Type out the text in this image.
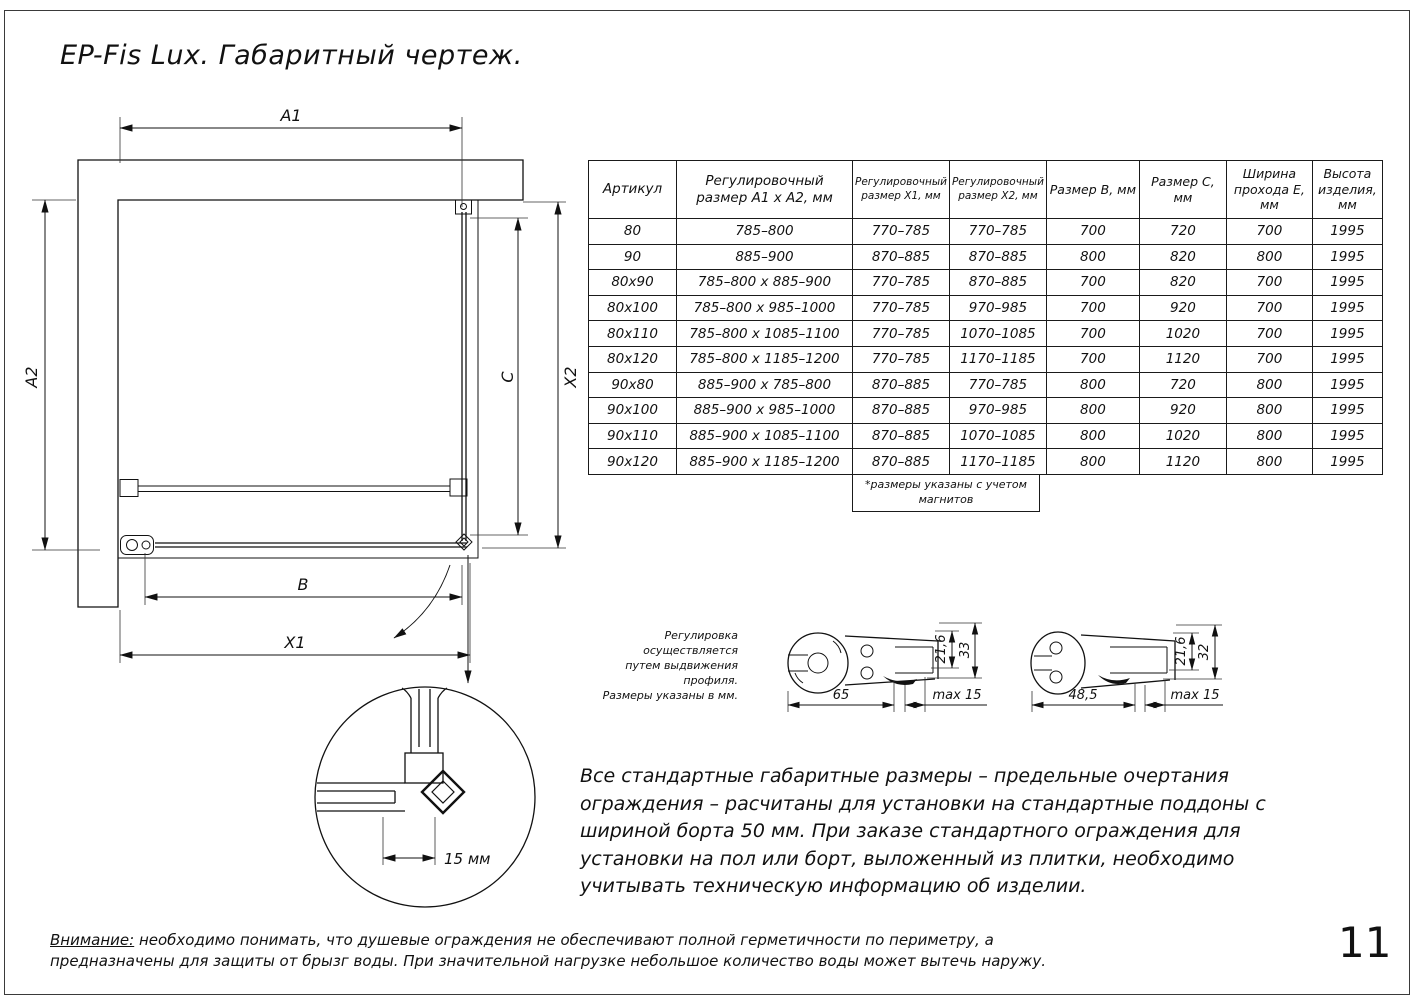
EP-Fis Lux. Габаритный чертеж.
A1
A2	X2
C
B
X1
15 мм
Артикул	Регулировочный размер А1 х А2, мм	Регулировочный размер Х1, мм	Регулировочный размер Х2, мм	Размер В, мм	Размер С, мм	Ширина прохода Е, мм	Высота изделия, мм
80	785–800	770–785	770–785	700	720	700	1995
90	885–900	870–885	870–885	800	820	800	1995
80x90	785–800 x 885–900	770–785	870–885	700	820	700	1995
80x100	785–800 x 985–1000	770–785	970–985	700	920	700	1995
80x110	785–800 x 1085–1100	770–785	1070–1085	700	1020	700	1995
80x120	785–800 x 1185–1200	770–785	1170–1185	700	1120	700	1995
90x80	885–900 x 785–800	870–885	770–785	800	720	800	1995
90x100	885–900 x 985–1000	870–885	970–985	800	920	800	1995
90x110	885–900 x 1085–1100	870–885	1070–1085	800	1020	800	1995
90x120	885–900 x 1185–1200	870–885	1170–1185	800	1120	800	1995
*размеры указаны с учетом магнитов
Регулировка осуществляется
путем выдвижения профиля.
Размеры указаны в мм.	65	max 15
21,6 33
48,5	max 15
21,6 32
Все стандартные габаритные размеры – предельные очертания ограждения – расчитаны для установки на стандартные поддоны с шириной борта 50 мм. При заказе стандартного ограждения для установки на пол или борт, выложенный из плитки, необходимо учитывать техническую информацию об изделии.
Внимание: необходимо понимать, что душевые ограждения не обеспечивают полной герметичности по периметру, а предназначены для защиты от брызг воды. При значительной нагрузке небольшое количество воды может вытечь наружу.	11
